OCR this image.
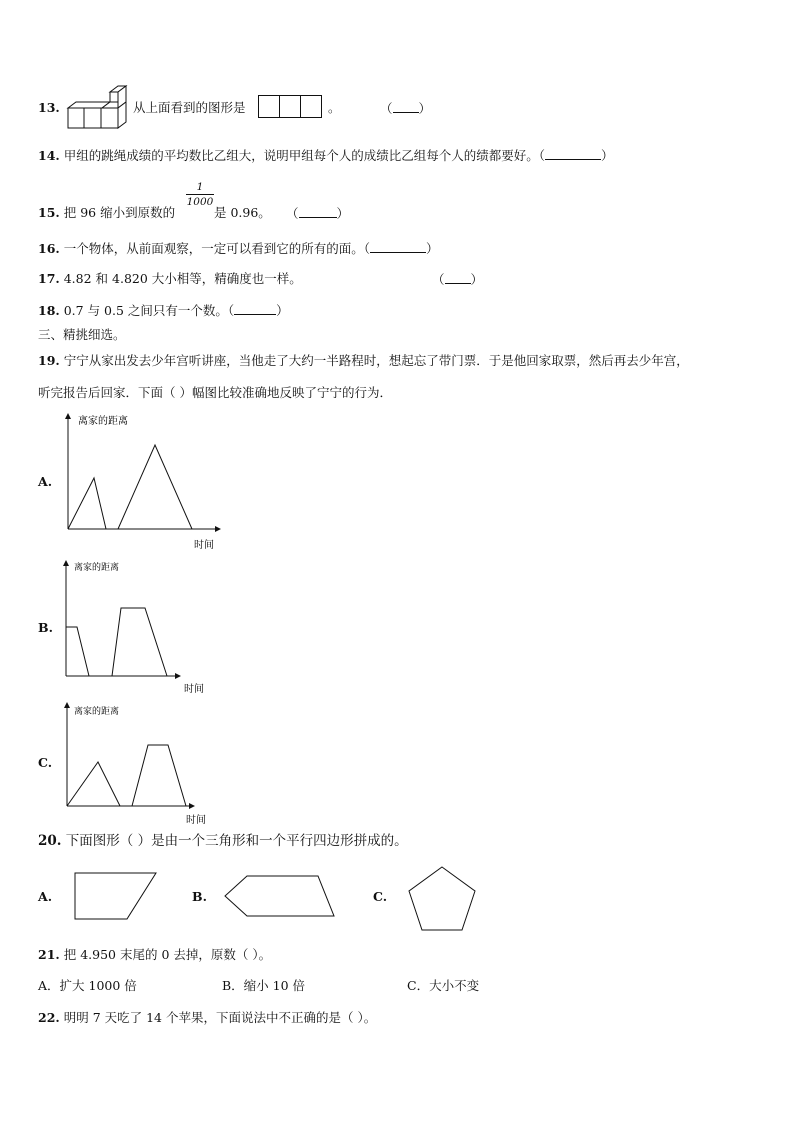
13.	从上面看到的图形是	。	（ ）
14. 甲组的跳绳成绩的平均数比乙组大，说明甲组每个人的成绩比乙组每个人的绩都要好。（	）
1
1000
15. 把 96 缩小到原数的	是 0.96。 （	）
16. 一个物体，从前面观察，一定可以看到它的所有的面。（	）
17. 4.82 和 4.820 大小相等，精确度也一样。	（ ）
18. 0.7 与 0.5 之间只有一个数。（	）
三、精挑细选。
19. 宁宁从家出发去少年宫听讲座，当他走了大约一半路程时，想起忘了带门票．于是他回家取票，然后再去少年宫，
听完报告后回家．下面（ ）幅图比较准确地反映了宁宁的行为．
A.
离家的距离
时间
B.
离家的距离
时间
C.
离家的距离
时间
20. 下面图形（ ）是由一个三角形和一个平行四边形拼成的。
A.	B.	C.
21. 把 4.950 末尾的 0 去掉，原数（ ）。
A．扩大 1000 倍	B．缩小 10 倍	C．大小不变
22. 明明 7 天吃了 14 个苹果，下面说法中不正确的是（ ）。
